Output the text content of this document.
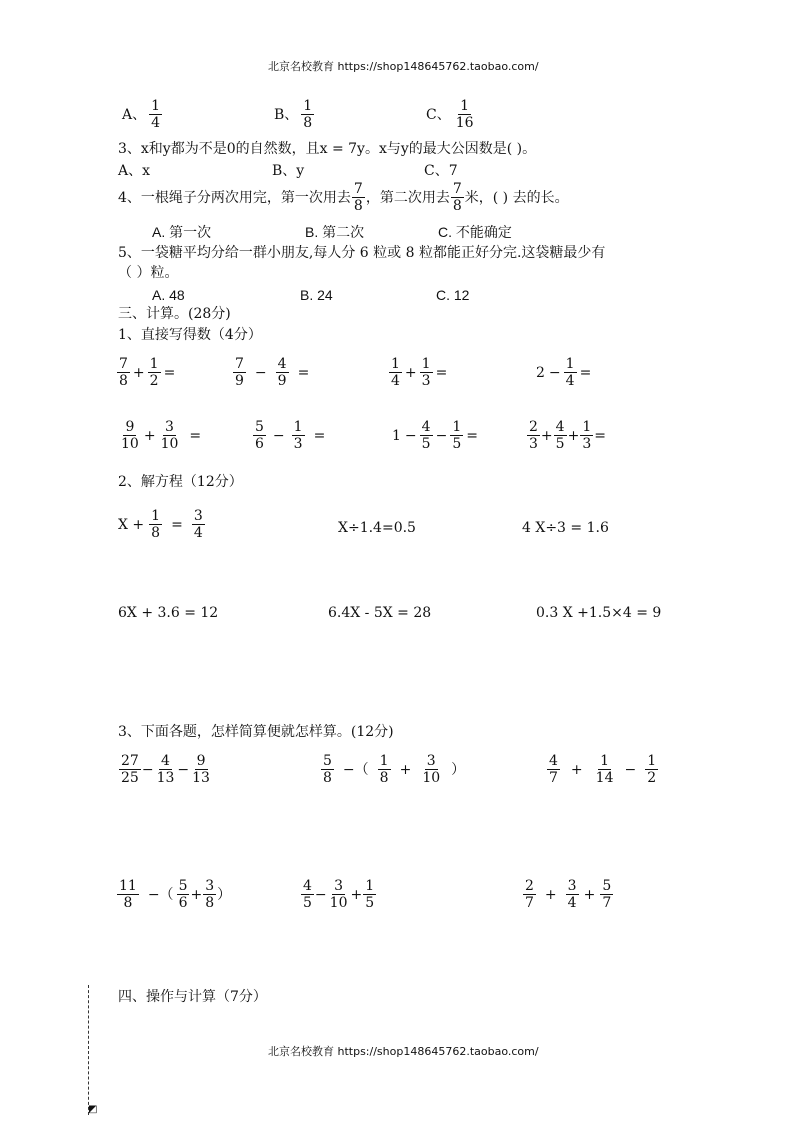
北京名校教育 https://shop148645762.taobao.com/
A、 $\frac{1}{4}$	B、 $\frac{1}{8}$	C、 $\frac{1}{16}$
3、x和y都为不是0的自然数，且x = 7y。x与y的最大公因数是( )。
A、x	B、y	C、7
4、一根绳子分两次用完，第一次用去 $\frac{7}{8}$ ，第二次用去 $\frac{7}{8}$ 米，( ) 去的长。
A. 第一次	B. 第二次	C. 不能确定
5、一袋糖平均分给一群小朋友,每人分 6 粒或 8 粒都能正好分完.这袋糖最少有
（ ）粒。
A. 48	B. 24	C. 12
三、计算。(28分)
1、直接写得数（4分）
$\frac{7}{8} + \frac{1}{2}$ =	$\frac{7}{9} - \frac{4}{9}$ =	$\frac{1}{4} + \frac{1}{3}$ =	$2 - \frac{1}{4}$ =
$\frac{9}{10} + \frac{3}{10}$ =	$\frac{5}{6} - \frac{1}{3}$ =	$1 - \frac{4}{5} - \frac{1}{5}$ =	$\frac{2}{3} + \frac{4}{5} + \frac{1}{3}$ =
2、解方程（12分）
$X + \frac{1}{8} = \frac{3}{4}$	X÷1.4=0.5	4 X÷3 = 1.6
6X + 3.6 = 12	6.4X - 5X = 28	0.3 X +1.5×4 = 9
3、下面各题，怎样简算便就怎样算。(12分)
$\frac{27}{25} - \frac{4}{13} - \frac{9}{13}$	$\frac{5}{8}$ −（ $\frac{1}{8} + \frac{3}{10}$ ）	$\frac{4}{7} + \frac{1}{14} - \frac{1}{2}$
$\frac{11}{8}$ −（ $\frac{5}{6} + \frac{3}{8}$ ）	$\frac{4}{5} - \frac{3}{10} + \frac{1}{5}$	$\frac{2}{7} + \frac{3}{4} + \frac{5}{7}$
四、操作与计算（7分）
◩
北京名校教育 https://shop148645762.taobao.com/
